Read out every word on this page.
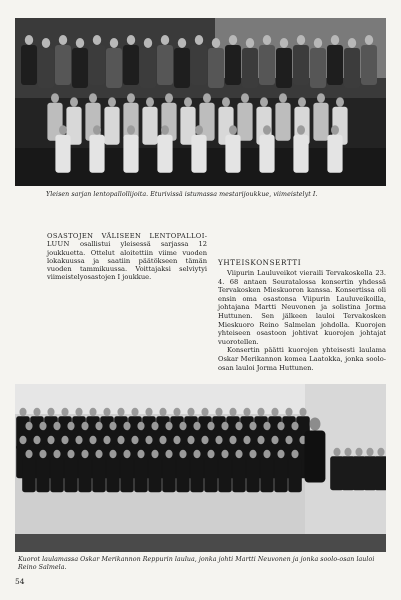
Yleisen sarjan lentopallollijoita. Eturivissä istumassa mestarijoukkue, viimeistelyt I.

OSASTOJEN VÄLISEEN LENTOPALLOILUUN osallistui yleisessä sarjassa 12 joukkuetta. Ottelut aloitettiin viime vuoden lokakuussa ja saatiin päätökseen tämän vuoden tammikuussa. Voittajaksi selviytyi viimeistelyosastojen I joukkue.

YHTEISKONSERTTI

Viipurin Lauluveikot vieraili Tervakoskella 23. 4. 68 antaen Seuratalossa konsertin yhdessä Tervakosken Mieskuoron kanssa. Konsertissa oli ensin oma osastonsa Viipurin Lauluveikoilla, johtajana Martti Neuvonen ja solistina Jorma Huttunen. Sen jälkeen lauloi Tervakosken Mieskuoro Reino Salmelan johdolla. Kuorojen yhteiseen osastoon johtivat kuorojen johtajat vuorotellen.

Konsertin päätti kuorojen yhteisesti laulama Oskar Merikannon komea Laatokka, jonka soolo-osan lauloi Jorma Huttunen.

Kuorot laulamassa Oskar Merikannon Reppurin laulua, jonka johti Martti Neuvonen ja jonka soolo-osan lauloi Reino Salmela.
54
